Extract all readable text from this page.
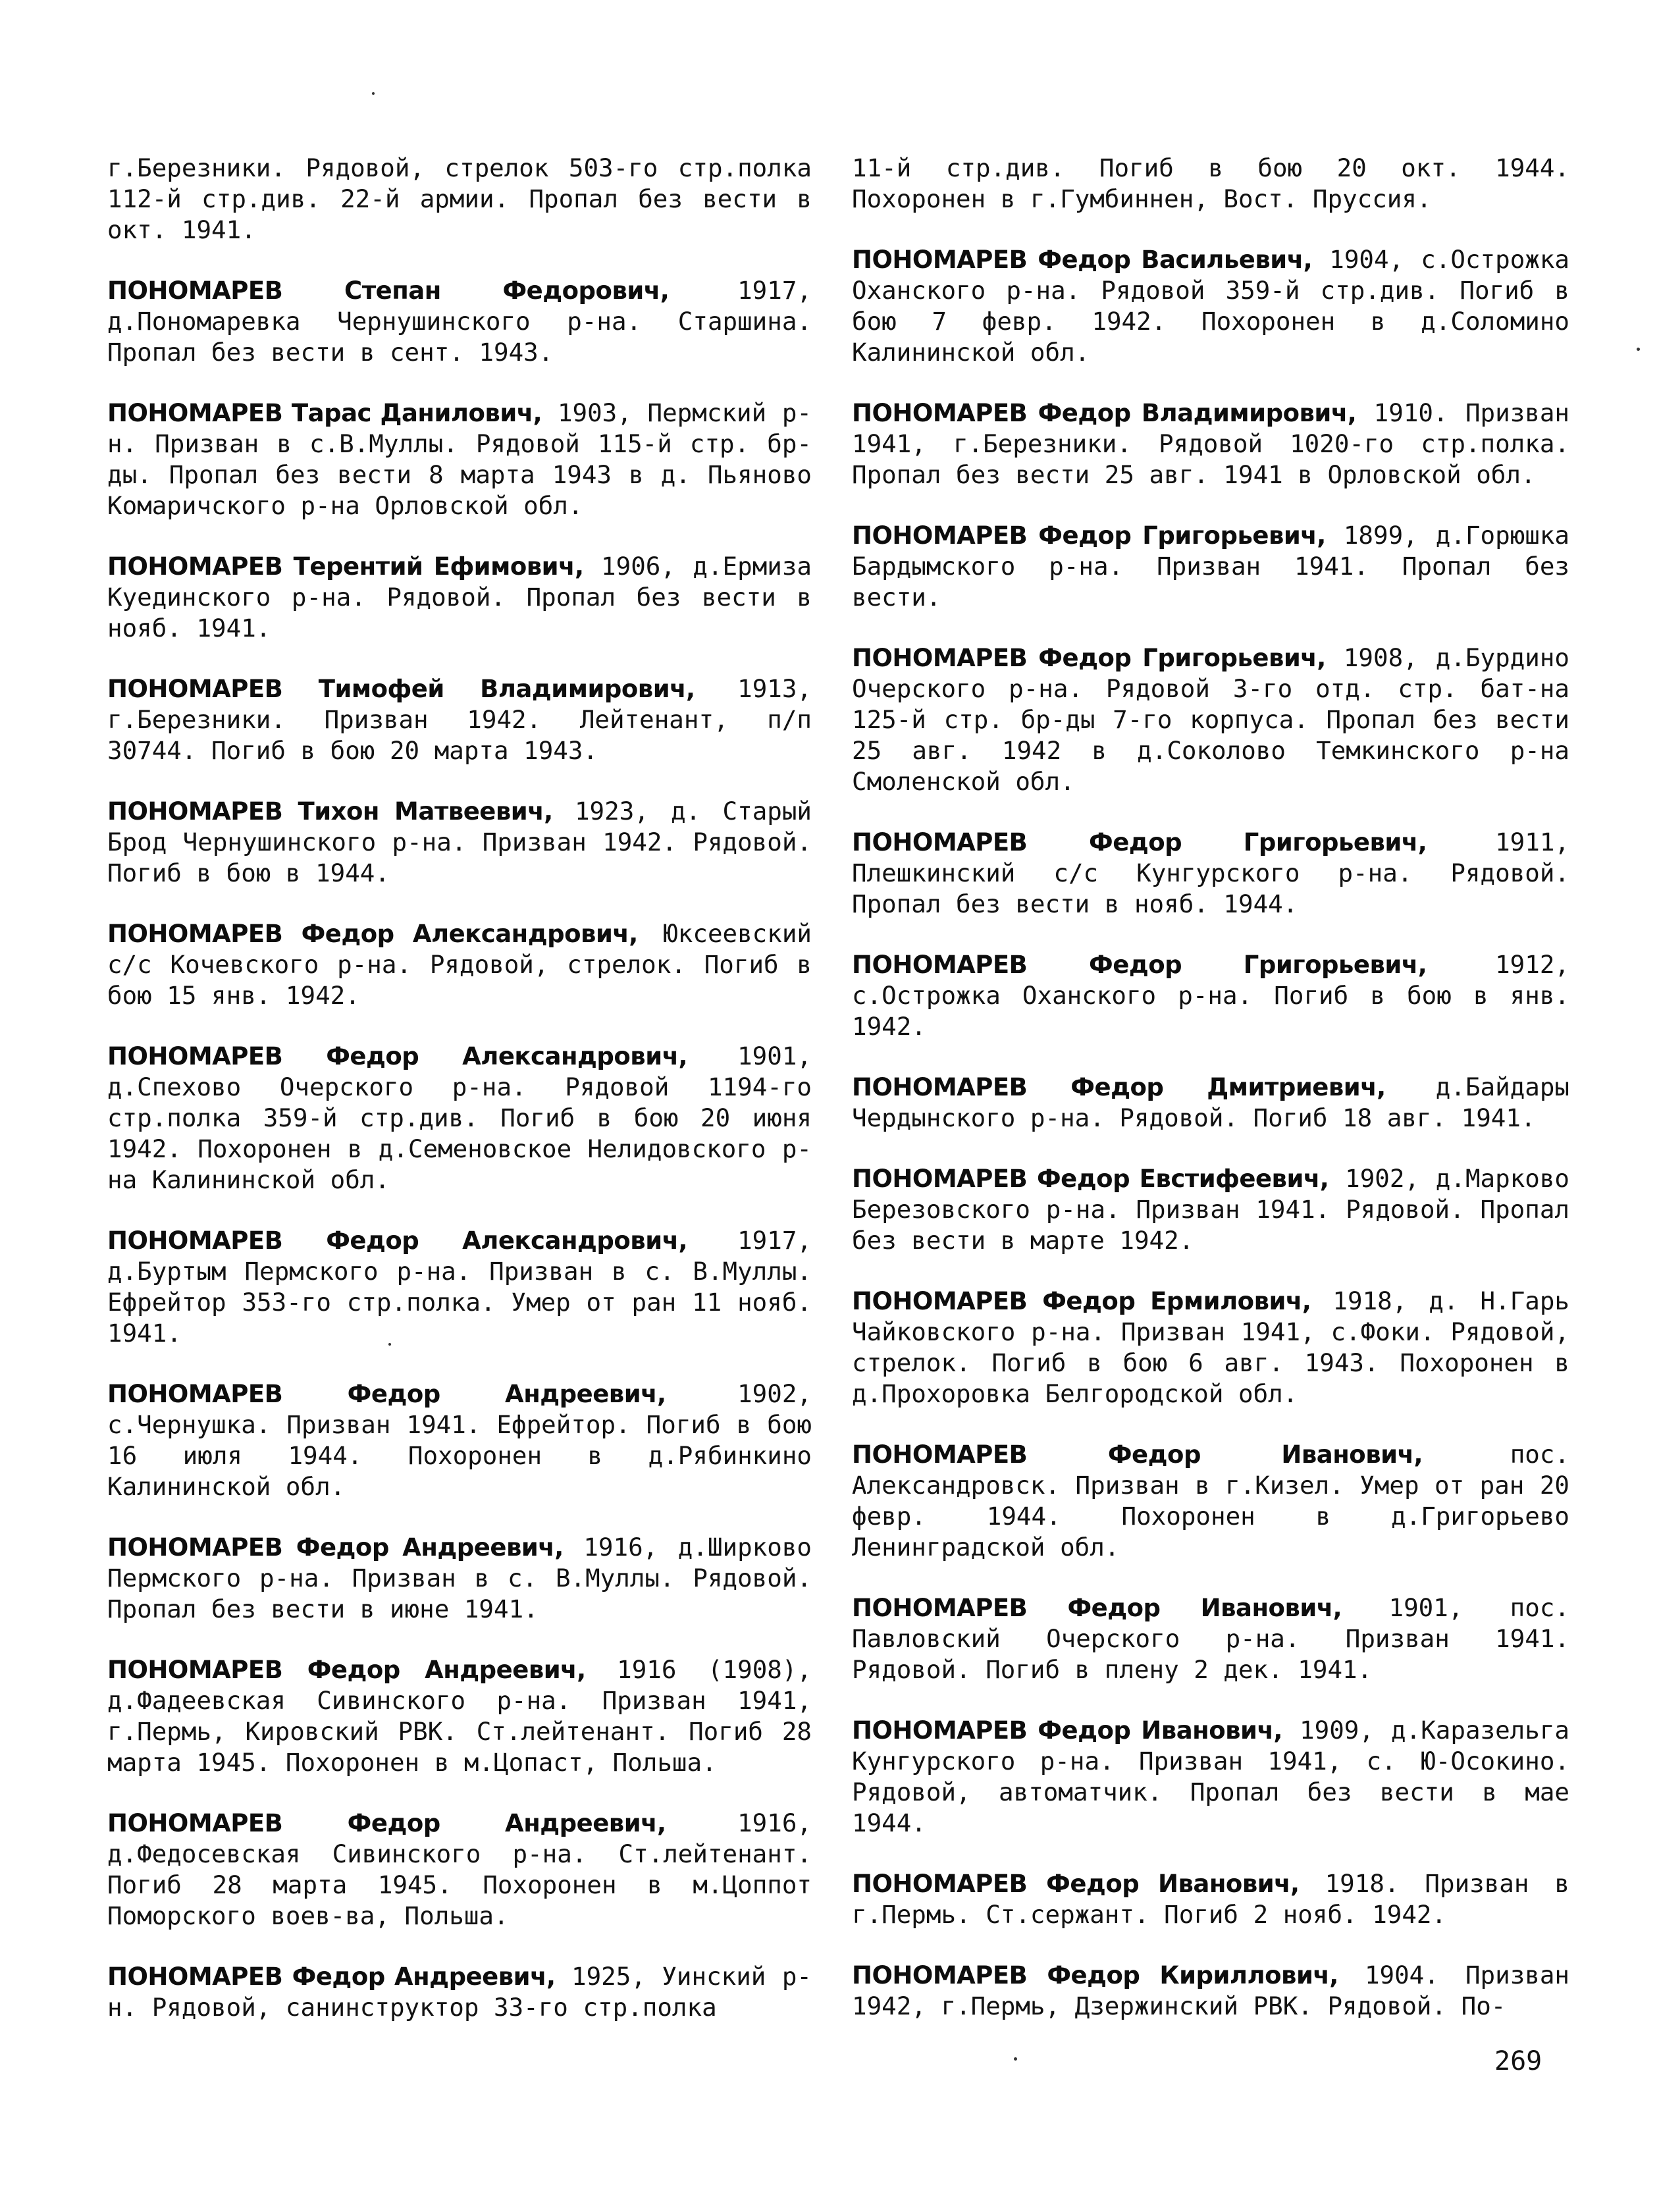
г.Березники. Рядовой, стрелок 503-го стр.полка 112-й стр.див. 22-й армии. Пропал без вести в окт. 1941.

ПОНОМАРЕВ Степан Федорович, 1917, д.Пономаревка Чернушинского р-на. Старшина. Пропал без вести в сент. 1943.

ПОНОМАРЕВ Тарас Данилович, 1903, Пермский р-н. Призван в с.В.Муллы. Рядовой 115-й стр. бр-ды. Пропал без вести 8 марта 1943 в д. Пьяново Комаричского р-на Орловской обл.

ПОНОМАРЕВ Терентий Ефимович, 1906, д.Ермиза Куединского р-на. Рядовой. Пропал без вести в нояб. 1941.

ПОНОМАРЕВ Тимофей Владимирович, 1913, г.Березники. Призван 1942. Лейтенант, п/п 30744. Погиб в бою 20 марта 1943.

ПОНОМАРЕВ Тихон Матвеевич, 1923, д. Старый Брод Чернушинского р-на. Призван 1942. Рядовой. Погиб в бою в 1944.

ПОНОМАРЕВ Федор Александрович, Юксеевский с/с Кочевского р-на. Рядовой, стрелок. Погиб в бою 15 янв. 1942.

ПОНОМАРЕВ Федор Александрович, 1901, д.Спехово Очерского р-на. Рядовой 1194-го стр.полка 359-й стр.див. Погиб в бою 20 июня 1942. Похоронен в д.Семеновское Нелидовского р-на Калининской обл.

ПОНОМАРЕВ Федор Александрович, 1917, д.Буртым Пермского р-на. Призван в с. В.Муллы. Ефрейтор 353-го стр.полка. Умер от ран 11 нояб. 1941.

ПОНОМАРЕВ Федор Андреевич, 1902, с.Чернушка. Призван 1941. Ефрейтор. Погиб в бою 16 июля 1944. Похоронен в д.Рябинкино Калининской обл.

ПОНОМАРЕВ Федор Андреевич, 1916, д.Ширково Пермского р-на. Призван в с. В.Муллы. Рядовой. Пропал без вести в июне 1941.

ПОНОМАРЕВ Федор Андреевич, 1916 (1908), д.Фадеевская Сивинского р-на. Призван 1941, г.Пермь, Кировский РВК. Ст.лейтенант. Погиб 28 марта 1945. Похоронен в м.Цопаст, Польша.

ПОНОМАРЕВ Федор Андреевич, 1916, д.Федосевская Сивинского р-на. Ст.лейтенант. Погиб 28 марта 1945. Похоронен в м.Цоппот Поморского воев-ва, Польша.

ПОНОМАРЕВ Федор Андреевич, 1925, Уинский р-н. Рядовой, санинструктор 33-го стр.полка

11-й стр.див. Погиб в бою 20 окт. 1944. Похоронен в г.Гумбиннен, Вост. Пруссия.

ПОНОМАРЕВ Федор Васильевич, 1904, с.Острожка Оханского р-на. Рядовой 359-й стр.див. Погиб в бою 7 февр. 1942. Похоронен в д.Соломино Калининской обл.

ПОНОМАРЕВ Федор Владимирович, 1910. Призван 1941, г.Березники. Рядовой 1020-го стр.полка. Пропал без вести 25 авг. 1941 в Орловской обл.

ПОНОМАРЕВ Федор Григорьевич, 1899, д.Горюшка Бардымского р-на. Призван 1941. Пропал без вести.

ПОНОМАРЕВ Федор Григорьевич, 1908, д.Бурдино Очерского р-на. Рядовой 3-го отд. стр. бат-на 125-й стр. бр-ды 7-го корпуса. Пропал без вести 25 авг. 1942 в д.Соколово Темкинского р-на Смоленской обл.

ПОНОМАРЕВ Федор Григорьевич, 1911, Плешкинский с/с Кунгурского р-на. Рядовой. Пропал без вести в нояб. 1944.

ПОНОМАРЕВ Федор Григорьевич, 1912, с.Острожка Оханского р-на. Погиб в бою в янв. 1942.

ПОНОМАРЕВ Федор Дмитриевич, д.Байдары Чердынского р-на. Рядовой. Погиб 18 авг. 1941.

ПОНОМАРЕВ Федор Евстифеевич, 1902, д.Марково Березовского р-на. Призван 1941. Рядовой. Пропал без вести в марте 1942.

ПОНОМАРЕВ Федор Ермилович, 1918, д. Н.Гарь Чайковского р-на. Призван 1941, с.Фоки. Рядовой, стрелок. Погиб в бою 6 авг. 1943. Похоронен в д.Прохоровка Белгородской обл.

ПОНОМАРЕВ Федор Иванович, пос. Александровск. Призван в г.Кизел. Умер от ран 20 февр. 1944. Похоронен в д.Григорьево Ленинградской обл.

ПОНОМАРЕВ Федор Иванович, 1901, пос. Павловский Очерского р-на. Призван 1941. Рядовой. Погиб в плену 2 дек. 1941.

ПОНОМАРЕВ Федор Иванович, 1909, д.Каразельга Кунгурского р-на. Призван 1941, с. Ю-Осокино. Рядовой, автоматчик. Пропал без вести в мае 1944.

ПОНОМАРЕВ Федор Иванович, 1918. Призван в г.Пермь. Ст.сержант. Погиб 2 нояб. 1942.

ПОНОМАРЕВ Федор Кириллович, 1904. Призван 1942, г.Пермь, Дзержинский РВК. Рядовой. По-

269
